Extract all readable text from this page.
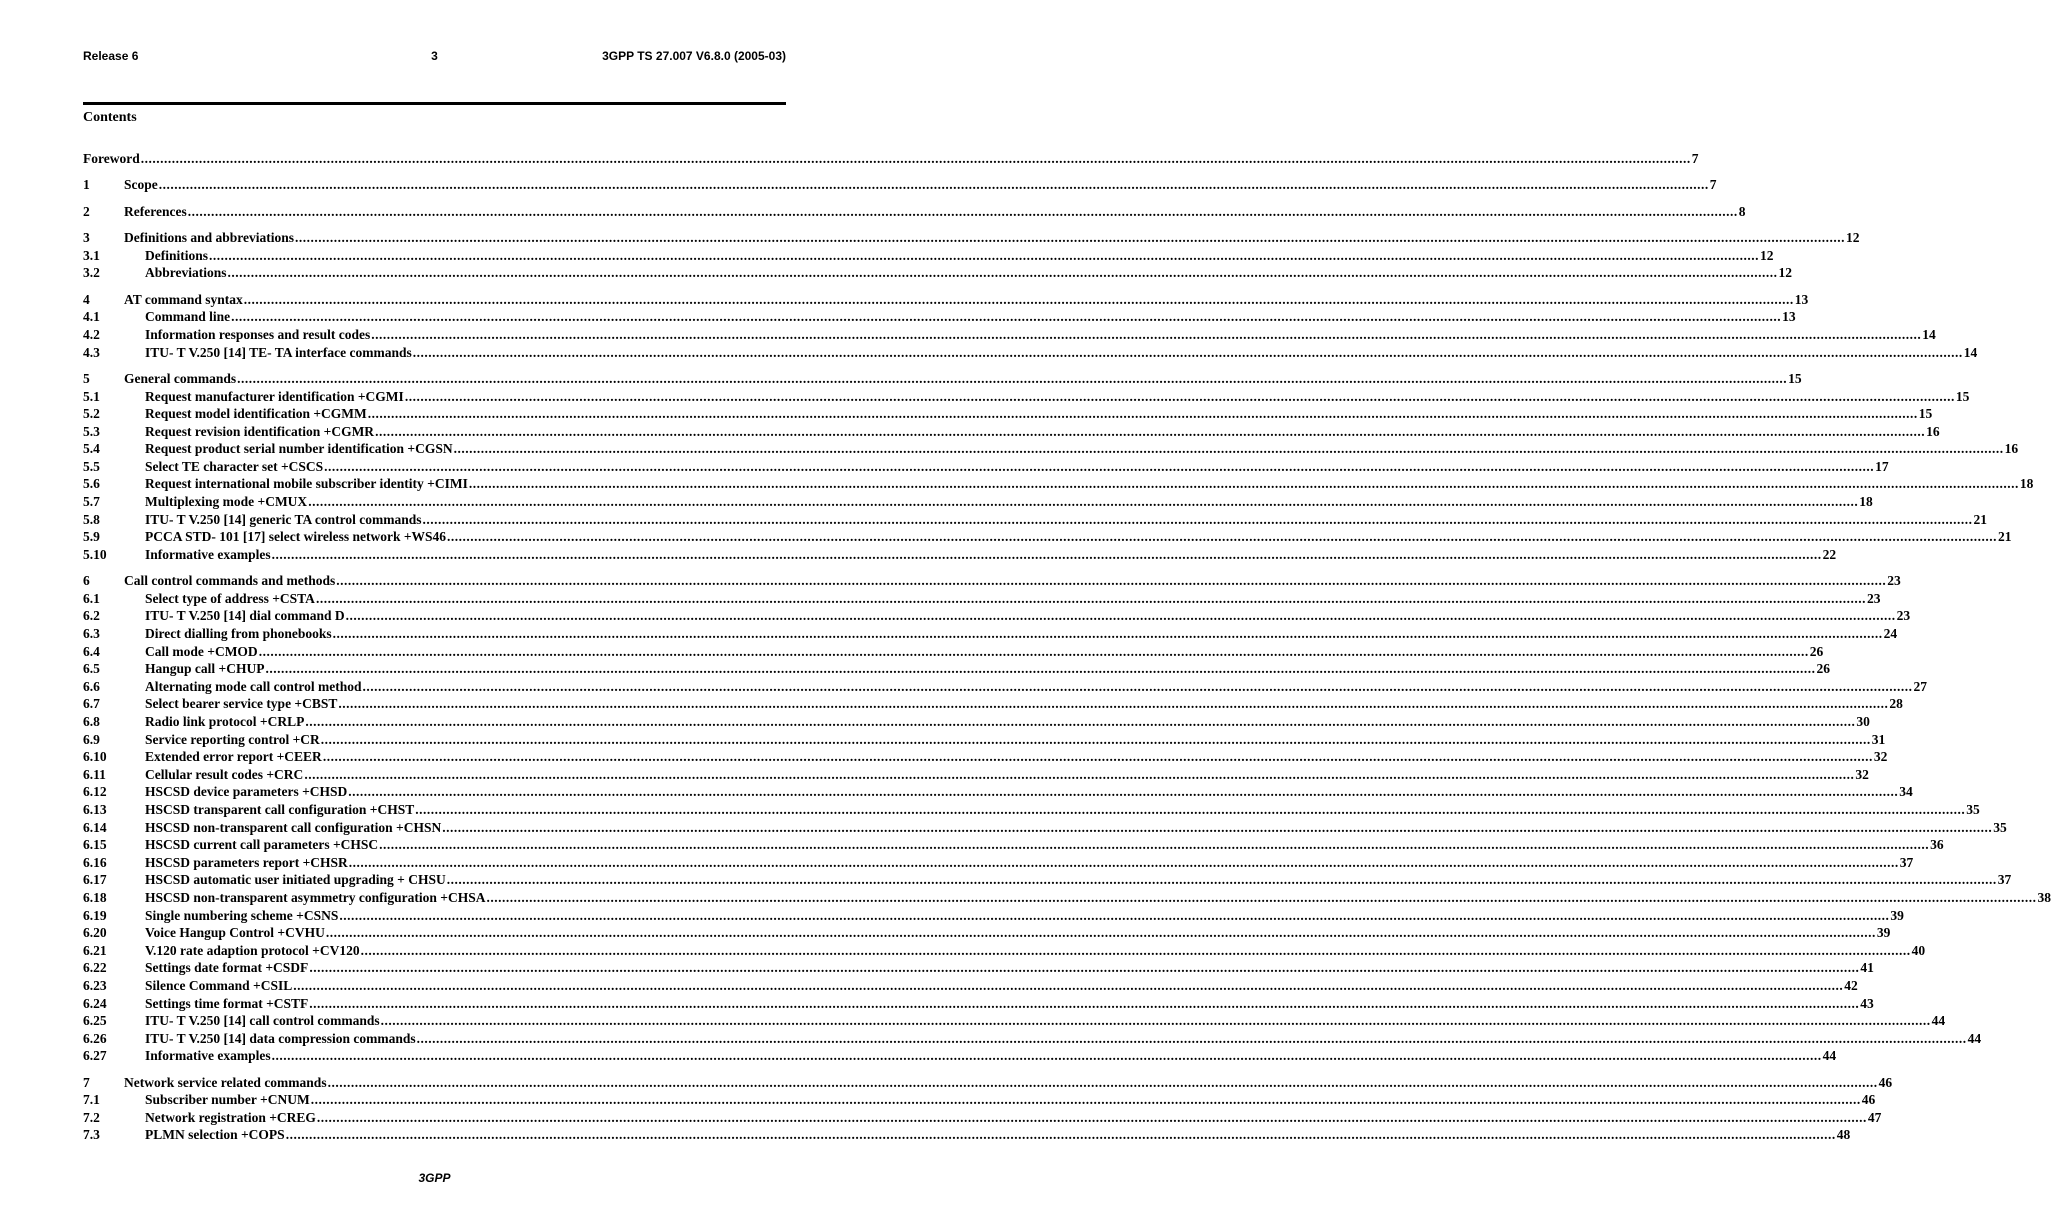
Release 6	3	3GPP TS 27.007 V6.8.0 (2005-03)
Contents
Foreword ................................................................................................................................................................................................................................................................................................................................................................................................................ 7
1	Scope ................................................................................................................................................................................................................................................................................................................................................................................................................ 7
2	References ................................................................................................................................................................................................................................................................................................................................................................................................................ 8
3	Definitions and abbreviations ................................................................................................................................................................................................................................................................................................................................................................................................................ 12
3.1	Definitions ................................................................................................................................................................................................................................................................................................................................................................................................................ 12
3.2	Abbreviations ................................................................................................................................................................................................................................................................................................................................................................................................................ 12
4	AT command syntax ................................................................................................................................................................................................................................................................................................................................................................................................................ 13
4.1	Command line ................................................................................................................................................................................................................................................................................................................................................................................................................ 13
4.2	Information responses and result codes ................................................................................................................................................................................................................................................................................................................................................................................................................ 14
4.3	ITU- T V.250 [14] TE- TA interface commands ................................................................................................................................................................................................................................................................................................................................................................................................................ 14
5	General commands ................................................................................................................................................................................................................................................................................................................................................................................................................ 15
5.1	Request manufacturer identification +CGMI ................................................................................................................................................................................................................................................................................................................................................................................................................ 15
5.2	Request model identification +CGMM ................................................................................................................................................................................................................................................................................................................................................................................................................ 15
5.3	Request revision identification +CGMR ................................................................................................................................................................................................................................................................................................................................................................................................................ 16
5.4	Request product serial number identification +CGSN ................................................................................................................................................................................................................................................................................................................................................................................................................ 16
5.5	Select TE character set +CSCS ................................................................................................................................................................................................................................................................................................................................................................................................................ 17
5.6	Request international mobile subscriber identity +CIMI ................................................................................................................................................................................................................................................................................................................................................................................................................ 18
5.7	Multiplexing mode +CMUX ................................................................................................................................................................................................................................................................................................................................................................................................................ 18
5.8	ITU- T V.250 [14] generic TA control commands ................................................................................................................................................................................................................................................................................................................................................................................................................ 21
5.9	PCCA STD- 101 [17] select wireless network +WS46 ................................................................................................................................................................................................................................................................................................................................................................................................................ 21
5.10	Informative examples ................................................................................................................................................................................................................................................................................................................................................................................................................ 22
6	Call control commands and methods ................................................................................................................................................................................................................................................................................................................................................................................................................ 23
6.1	Select type of address +CSTA ................................................................................................................................................................................................................................................................................................................................................................................................................ 23
6.2	ITU- T V.250 [14] dial command D ................................................................................................................................................................................................................................................................................................................................................................................................................ 23
6.3	Direct dialling from phonebooks ................................................................................................................................................................................................................................................................................................................................................................................................................ 24
6.4	Call mode +CMOD ................................................................................................................................................................................................................................................................................................................................................................................................................ 26
6.5	Hangup call +CHUP ................................................................................................................................................................................................................................................................................................................................................................................................................ 26
6.6	Alternating mode call control method ................................................................................................................................................................................................................................................................................................................................................................................................................ 27
6.7	Select bearer service type +CBST ................................................................................................................................................................................................................................................................................................................................................................................................................ 28
6.8	Radio link protocol +CRLP ................................................................................................................................................................................................................................................................................................................................................................................................................ 30
6.9	Service reporting control +CR ................................................................................................................................................................................................................................................................................................................................................................................................................ 31
6.10	Extended error report +CEER ................................................................................................................................................................................................................................................................................................................................................................................................................ 32
6.11	Cellular result codes +CRC ................................................................................................................................................................................................................................................................................................................................................................................................................ 32
6.12	HSCSD device parameters +CHSD ................................................................................................................................................................................................................................................................................................................................................................................................................ 34
6.13	HSCSD transparent call configuration +CHST ................................................................................................................................................................................................................................................................................................................................................................................................................ 35
6.14	HSCSD non-transparent call configuration +CHSN ................................................................................................................................................................................................................................................................................................................................................................................................................ 35
6.15	HSCSD current call parameters +CHSC ................................................................................................................................................................................................................................................................................................................................................................................................................ 36
6.16	HSCSD parameters report +CHSR ................................................................................................................................................................................................................................................................................................................................................................................................................ 37
6.17	HSCSD automatic user initiated upgrading + CHSU ................................................................................................................................................................................................................................................................................................................................................................................................................ 37
6.18	HSCSD non-transparent asymmetry configuration +CHSA ................................................................................................................................................................................................................................................................................................................................................................................................................ 38
6.19	Single numbering scheme +CSNS ................................................................................................................................................................................................................................................................................................................................................................................................................ 39
6.20	Voice Hangup Control +CVHU ................................................................................................................................................................................................................................................................................................................................................................................................................ 39
6.21	V.120 rate adaption protocol +CV120 ................................................................................................................................................................................................................................................................................................................................................................................................................ 40
6.22	Settings date format +CSDF ................................................................................................................................................................................................................................................................................................................................................................................................................ 41
6.23	Silence Command +CSIL ................................................................................................................................................................................................................................................................................................................................................................................................................ 42
6.24	Settings time format +CSTF ................................................................................................................................................................................................................................................................................................................................................................................................................ 43
6.25	ITU- T V.250 [14] call control commands ................................................................................................................................................................................................................................................................................................................................................................................................................ 44
6.26	ITU- T V.250 [14] data compression commands ................................................................................................................................................................................................................................................................................................................................................................................................................ 44
6.27	Informative examples ................................................................................................................................................................................................................................................................................................................................................................................................................ 44
7	Network service related commands ................................................................................................................................................................................................................................................................................................................................................................................................................ 46
7.1	Subscriber number +CNUM ................................................................................................................................................................................................................................................................................................................................................................................................................ 46
7.2	Network registration +CREG ................................................................................................................................................................................................................................................................................................................................................................................................................ 47
7.3	PLMN selection +COPS ................................................................................................................................................................................................................................................................................................................................................................................................................ 48
3GPP
